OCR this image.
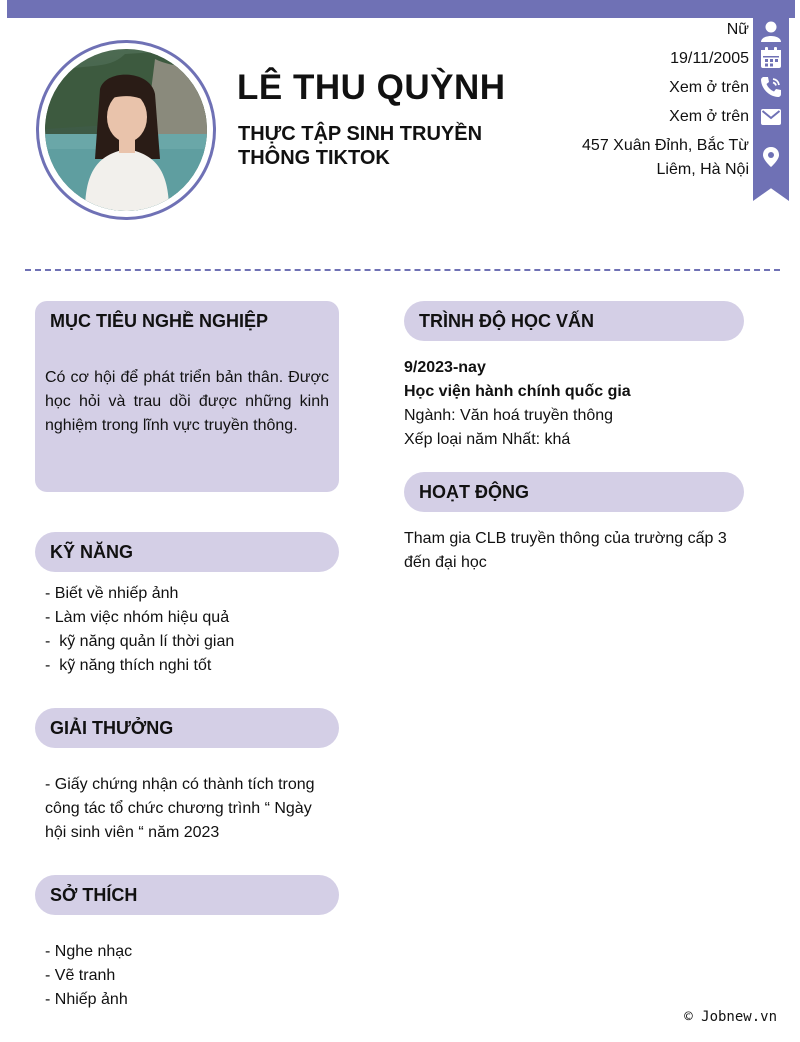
LÊ THU QUỲNH
THỰC TẬP SINH TRUYỀN THÔNG TIKTOK
Nữ
19/11/2005
Xem ở trên
Xem ở trên
457 Xuân Đỉnh, Bắc Từ Liêm, Hà Nội
MỤC TIÊU NGHỀ NGHIỆP
Có cơ hội để phát triển bản thân. Được học hỏi và trau dồi được những kinh nghiệm trong lĩnh vực truyền thông.
KỸ NĂNG
- Biết về nhiếp ảnh
- Làm việc nhóm hiệu quả
-  kỹ năng quản lí thời gian
-  kỹ năng thích nghi tốt
GIẢI THƯỞNG
- Giấy chứng nhận có thành tích trong công tác tổ chức chương trình “ Ngày hội sinh viên “ năm 2023
SỞ THÍCH
- Nghe nhạc
- Vẽ tranh
- Nhiếp ảnh
TRÌNH ĐỘ HỌC VẤN
9/2023-nay
Học viện hành chính quốc gia
Ngành: Văn hoá truyền thông
Xếp loại năm Nhất: khá
HOẠT ĐỘNG
Tham gia CLB truyền thông của trường cấp 3 đến đại học
© Jobnew.vn
